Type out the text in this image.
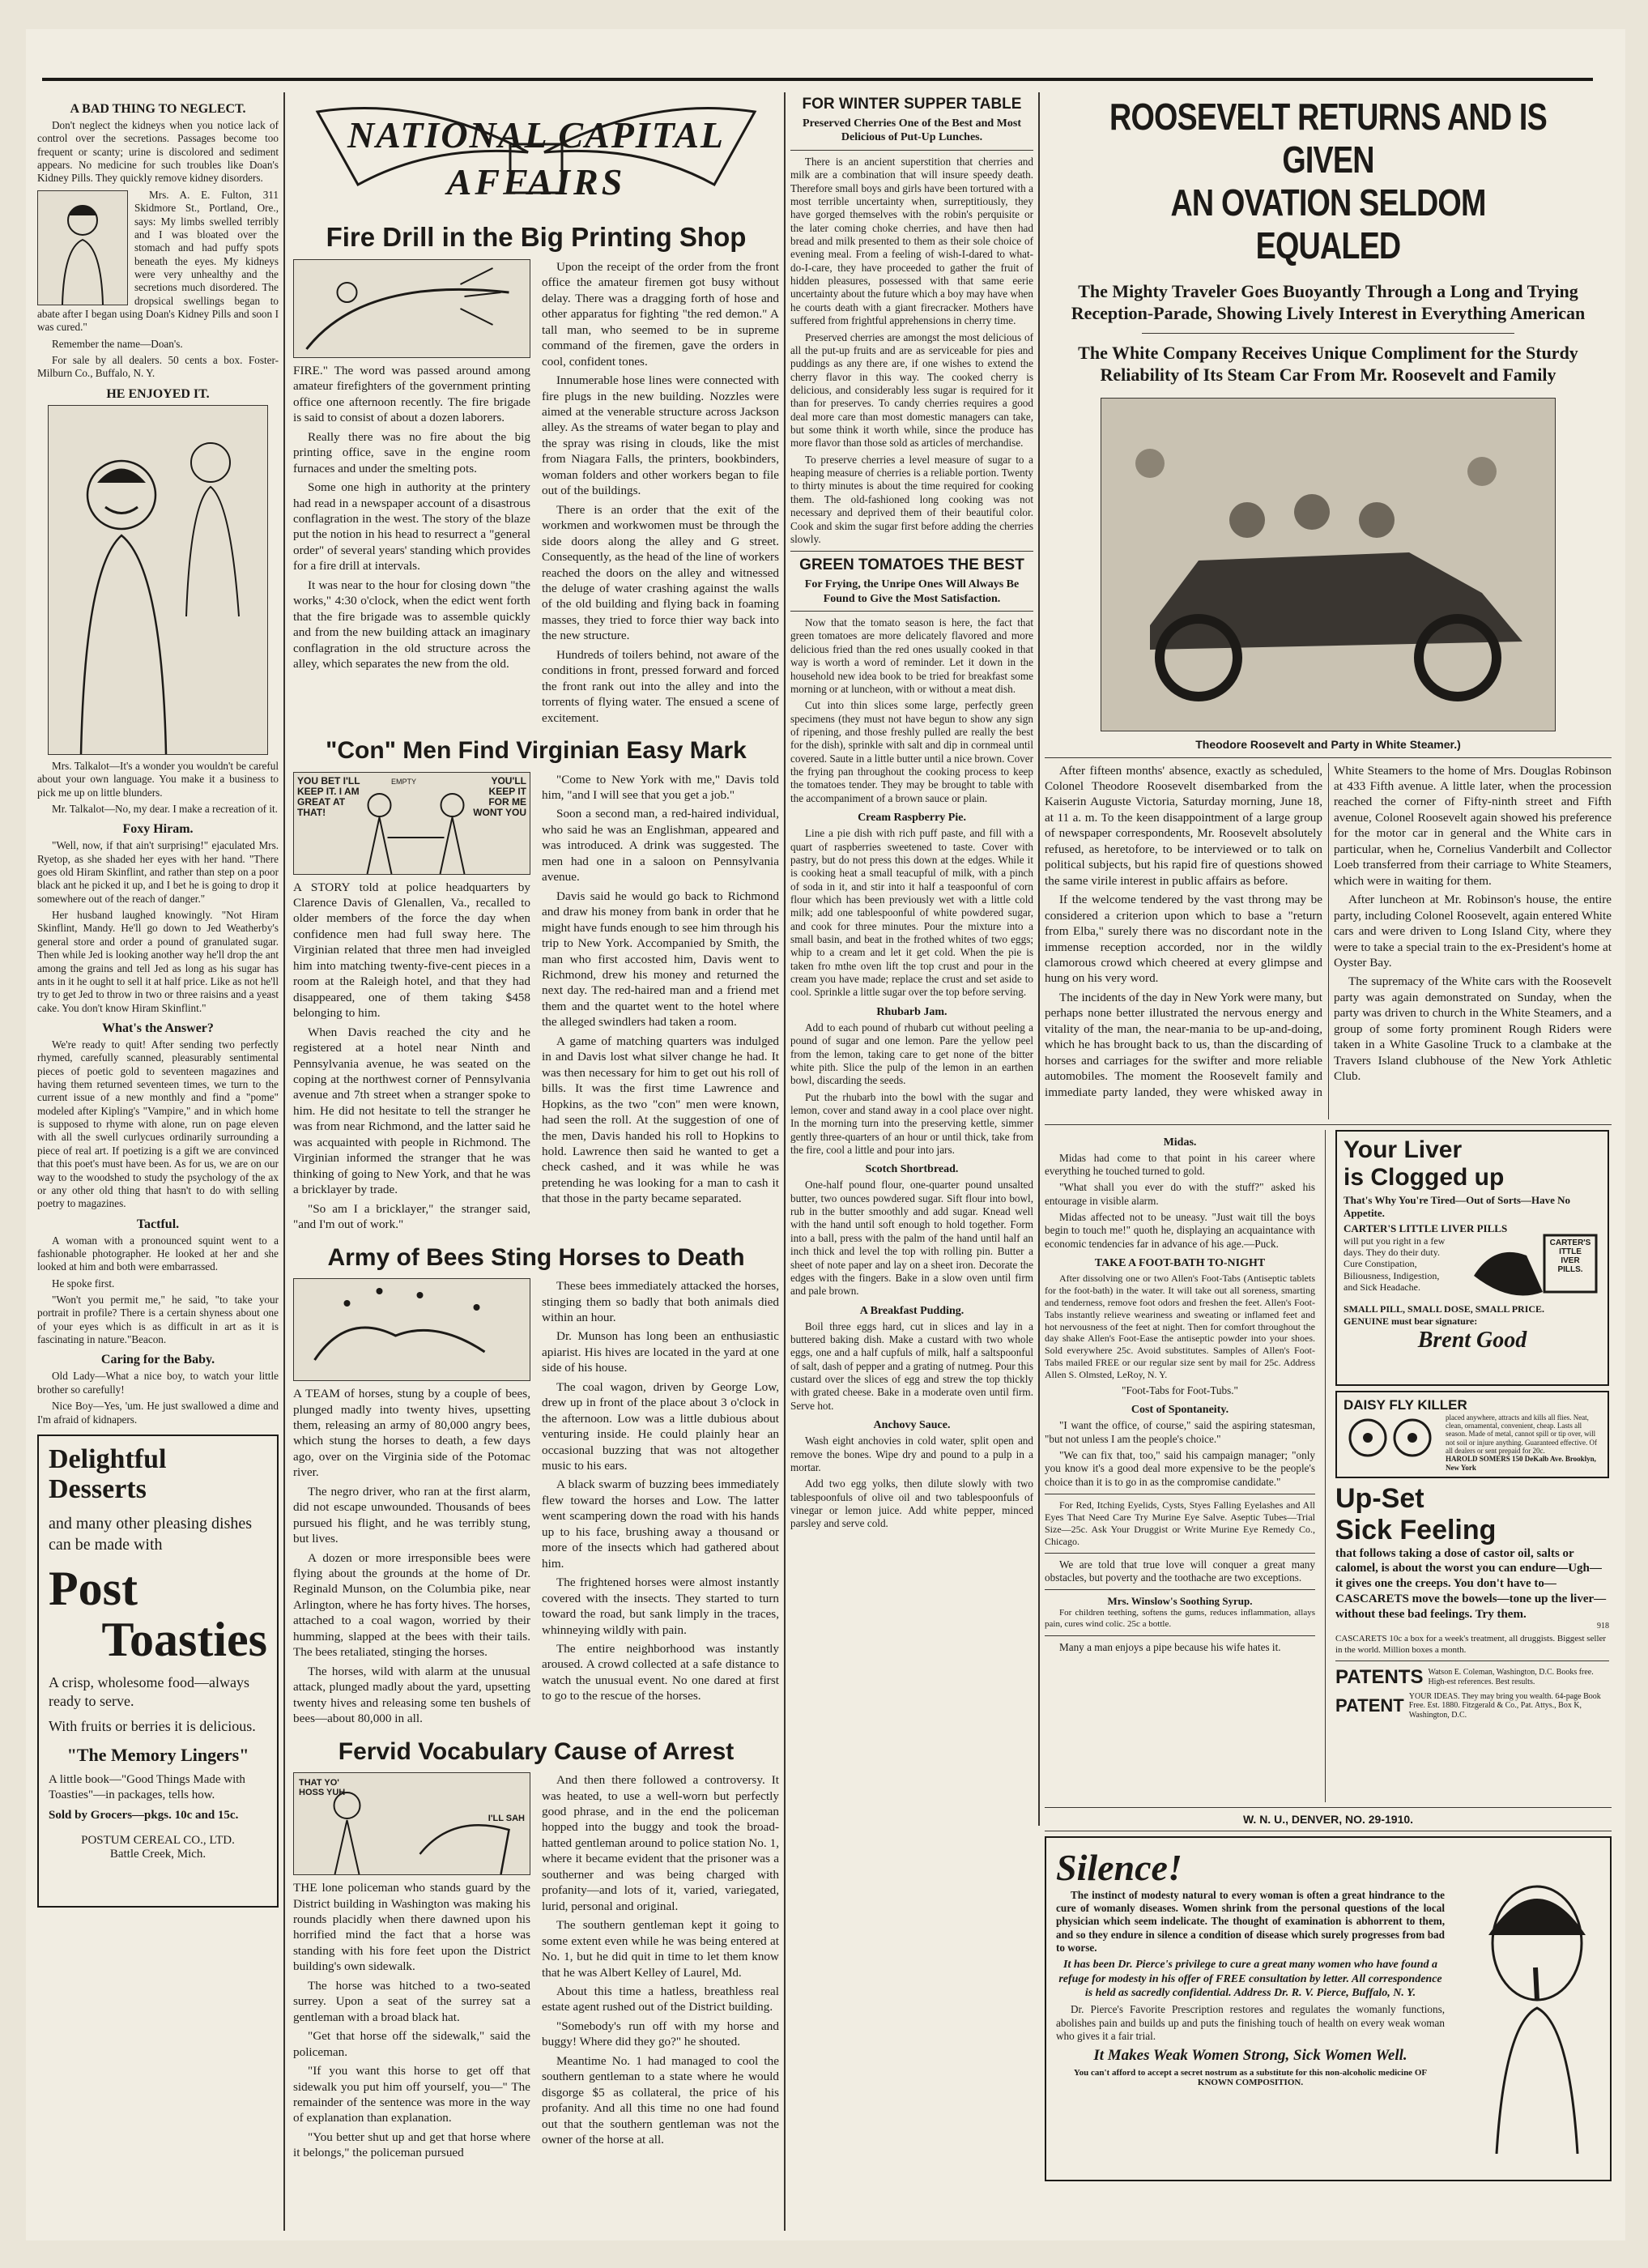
A BAD THING TO NEGLECT.

Don't neglect the kidneys when you notice lack of control over the secretions. Passages become too frequent or scanty; urine is discolored and sediment appears. No medicine for such troubles like Doan's Kidney Pills. They quickly remove kidney disorders.

Mrs. A. E. Fulton, 311 Skidmore St., Portland, Ore., says: My limbs swelled terribly and I was bloated over the stomach and had puffy spots beneath the eyes. My kidneys were very unhealthy and the secretions much disordered. The dropsical swellings began to abate after I began using Doan's Kidney Pills and soon I was cured."

Remember the name—Doan's.

For sale by all dealers. 50 cents a box. Foster-Milburn Co., Buffalo, N. Y.

HE ENJOYED IT.

Mrs. Talkalot—It's a wonder you wouldn't be careful about your own language. You make it a business to pick me up on little blunders.

Mr. Talkalot—No, my dear. I make a recreation of it.

Foxy Hiram.

"Well, now, if that ain't surprising!" ejaculated Mrs. Ryetop, as she shaded her eyes with her hand. "There goes old Hiram Skinflint, and rather than step on a poor black ant he picked it up, and I bet he is going to drop it somewhere out of the reach of danger."

Her husband laughed knowingly. "Not Hiram Skinflint, Mandy. He'll go down to Jed Weatherby's general store and order a pound of granulated sugar. Then while Jed is looking another way he'll drop the ant among the grains and tell Jed as long as his sugar has ants in it he ought to sell it at half price. Like as not he'll try to get Jed to throw in two or three raisins and a yeast cake. You don't know Hiram Skinflint."

What's the Answer?

We're ready to quit! After sending two perfectly rhymed, carefully scanned, pleasurably sentimental pieces of poetic gold to seventeen magazines and having them returned seventeen times, we turn to the current issue of a new monthly and find a "pome" modeled after Kipling's "Vampire," and in which home is supposed to rhyme with alone, run on page eleven with all the swell curlycues ordinarily surrounding a piece of real art. If poetizing is a gift we are convinced that this poet's must have been. As for us, we are on our way to the woodshed to study the psychology of the ax or any other old thing that hasn't to do with selling poetry to magazines.

Tactful.

A woman with a pronounced squint went to a fashionable photographer. He looked at her and she looked at him and both were embarrassed.

He spoke first.

"Won't you permit me," he said, "to take your portrait in profile? There is a certain shyness about one of your eyes which is as difficult in art as it is fascinating in nature."Beacon.

Caring for the Baby.

Old Lady—What a nice boy, to watch your little brother so carefully!

Nice Boy—Yes, 'um. He just swallowed a dime and I'm afraid of kidnapers.

Delightful Desserts
and many other pleasing dishes can be made with
Post
Toasties
A crisp, wholesome food—always ready to serve.
With fruits or berries it is delicious.
"The Memory Lingers"
A little book—"Good Things Made with Toasties"—in packages, tells how.
Sold by Grocers—pkgs. 10c and 15c.
POSTUM CEREAL CO., LTD.
Battle Creek, Mich.
NATIONAL CAPITAL
AFFAIRS
Fire Drill in the Big Printing Shop

FIRE." The word was passed around among amateur firefighters of the government printing office one afternoon recently. The fire brigade is said to consist of about a dozen laborers.

Really there was no fire about the big printing office, save in the engine room furnaces and under the smelting pots.

Some one high in authority at the printery had read in a newspaper account of a disastrous conflagration in the west. The story of the blaze put the notion in his head to resurrect a "general order" of several years' standing which provides for a fire drill at intervals.

It was near to the hour for closing down "the works," 4:30 o'clock, when the edict went forth that the fire brigade was to assemble quickly and from the new building attack an imaginary conflagration in the old structure across the alley, which separates the new from the old.

Upon the receipt of the order from the front office the amateur firemen got busy without delay. There was a dragging forth of hose and other apparatus for fighting "the red demon." A tall man, who seemed to be in supreme command of the firemen, gave the orders in cool, confident tones.

Innumerable hose lines were connected with fire plugs in the new building. Nozzles were aimed at the venerable structure across Jackson alley. As the streams of water began to play and the spray was rising in clouds, like the mist from Niagara Falls, the printers, bookbinders, woman folders and other workers began to file out of the buildings.

There is an order that the exit of the workmen and workwomen must be through the side doors along the alley and G street. Consequently, as the head of the line of workers reached the doors on the alley and witnessed the deluge of water crashing against the walls of the old building and flying back in foaming masses, they tried to force thier way back into the new structure.

Hundreds of toilers behind, not aware of the conditions in front, pressed forward and forced the front rank out into the alley and into the torrents of flying water. The ensued a scene of excitement.

"Con" Men Find Virginian Easy Mark
YOU BET I'LL KEEP IT. I AM GREAT AT THAT!
YOU'LL KEEP IT FOR ME WONT YOU
EMPTY

A STORY told at police headquarters by Clarence Davis of Glenallen, Va., recalled to older members of the force the day when confidence men had full sway here. The Virginian related that three men had inveigled him into matching twenty-five-cent pieces in a room at the Raleigh hotel, and that they had disappeared, one of them taking $458 belonging to him.

When Davis reached the city and he registered at a hotel near Ninth and Pennsylvania avenue, he was seated on the coping at the northwest corner of Pennsylvania avenue and 7th street when a stranger spoke to him. He did not hesitate to tell the stranger he was from near Richmond, and the latter said he was acquainted with people in Richmond. The Virginian informed the stranger that he was thinking of going to New York, and that he was a bricklayer by trade.

"So am I a bricklayer," the stranger said, "and I'm out of work."

"Come to New York with me," Davis told him, "and I will see that you get a job."

Soon a second man, a red-haired individual, who said he was an Englishman, appeared and was introduced. A drink was suggested. The men had one in a saloon on Pennsylvania avenue.

Davis said he would go back to Richmond and draw his money from bank in order that he might have funds enough to see him through his trip to New York. Accompanied by Smith, the man who first accosted him, Davis went to Richmond, drew his money and returned the next day. The red-haired man and a friend met them and the quartet went to the hotel where the alleged swindlers had taken a room.

A game of matching quarters was indulged in and Davis lost what silver change he had. It was then necessary for him to get out his roll of bills. It was the first time Lawrence and Hopkins, as the two "con" men were known, had seen the roll. At the suggestion of one of the men, Davis handed his roll to Hopkins to hold. Lawrence then said he wanted to get a check cashed, and it was while he was pretending he was looking for a man to cash it that those in the party became separated.

Army of Bees Sting Horses to Death

A TEAM of horses, stung by a couple of bees, plunged madly into twenty hives, upsetting them, releasing an army of 80,000 angry bees, which stung the horses to death, a few days ago, over on the Virginia side of the Potomac river.

The negro driver, who ran at the first alarm, did not escape unwounded. Thousands of bees pursued his flight, and he was terribly stung, but lives.

A dozen or more irresponsible bees were flying about the grounds at the home of Dr. Reginald Munson, on the Columbia pike, near Arlington, where he has forty hives. The horses, attached to a coal wagon, worried by their humming, slapped at the bees with their tails. The bees retaliated, stinging the horses.

The horses, wild with alarm at the unusual attack, plunged madly about the yard, upsetting twenty hives and releasing some ten bushels of bees—about 80,000 in all.

These bees immediately attacked the horses, stinging them so badly that both animals died within an hour.

Dr. Munson has long been an enthusiastic apiarist. His hives are located in the yard at one side of his house.

The coal wagon, driven by George Low, drew up in front of the place about 3 o'clock in the afternoon. Low was a little dubious about venturing inside. He could plainly hear an occasional buzzing that was not altogether music to his ears.

A black swarm of buzzing bees immediately flew toward the horses and Low. The latter went scampering down the road with his hands up to his face, brushing away a thousand or more of the insects which had gathered about him.

The frightened horses were almost instantly covered with the insects. They started to turn toward the road, but sank limply in the traces, whinneying wildly with pain.

The entire neighborhood was instantly aroused. A crowd collected at a safe distance to watch the unusual event. No one dared at first to go to the rescue of the horses.

Fervid Vocabulary Cause of Arrest
THAT YO' HOSS YUH
I'LL SAH

THE lone policeman who stands guard by the District building in Washington was making his rounds placidly when there dawned upon his horrified mind the fact that a horse was standing with his fore feet upon the District building's own sidewalk.

The horse was hitched to a two-seated surrey. Upon a seat of the surrey sat a gentleman with a broad black hat.

"Get that horse off the sidewalk," said the policeman.

"If you want this horse to get off that sidewalk you put him off yourself, you—" The remainder of the sentence was more in the way of explanation than explanation.

"You better shut up and get that horse where it belongs," the policeman pursued

And then there followed a controversy. It was heated, to use a well-worn but perfectly good phrase, and in the end the policeman hopped into the buggy and took the broad-hatted gentleman around to police station No. 1, where it became evident that the prisoner was a southerner and was being charged with profanity—and lots of it, varied, variegated, lurid, personal and original.

The southern gentleman kept it going to some extent even while he was being entered at No. 1, but he did quit in time to let them know that he was Albert Kelley of Laurel, Md.

About this time a hatless, breathless real estate agent rushed out of the District building.

"Somebody's run off with my horse and buggy! Where did they go?" he shouted.

Meantime No. 1 had managed to cool the southern gentleman to a state where he would disgorge $5 as collateral, the price of his profanity. And all this time no one had found out that the southern gentleman was not the owner of the horse at all.

FOR WINTER SUPPER TABLE
Preserved Cherries One of the Best and Most Delicious of Put-Up Lunches.

There is an ancient superstition that cherries and milk are a combination that will insure speedy death. Therefore small boys and girls have been tortured with a most terrible uncertainty when, surreptitiously, they have gorged themselves with the robin's perquisite or the later coming choke cherries, and have then had bread and milk presented to them as their sole choice of evening meal. From a feeling of wish-I-dared to what-do-I-care, they have proceeded to gather the fruit of hidden pleasures, possessed with that same eerie uncertainty about the future which a boy may have when he courts death with a giant firecracker. Mothers have suffered from frightful apprehensions in cherry time.

Preserved cherries are amongst the most delicious of all the put-up fruits and are as serviceable for pies and puddings as any there are, if one wishes to extend the cherry flavor in this way. The cooked cherry is delicious, and considerably less sugar is required for it than for preserves. To candy cherries requires a good deal more care than most domestic managers can take, but some think it worth while, since the produce has more flavor than those sold as articles of merchandise.

To preserve cherries a level measure of sugar to a heaping measure of cherries is a reliable portion. Twenty to thirty minutes is about the time required for cooking them. The old-fashioned long cooking was not necessary and deprived them of their beautiful color. Cook and skim the sugar first before adding the cherries slowly.

GREEN TOMATOES THE BEST
For Frying, the Unripe Ones Will Always Be Found to Give the Most Satisfaction.

Now that the tomato season is here, the fact that green tomatoes are more delicately flavored and more delicious fried than the red ones usually cooked in that way is worth a word of reminder. Let it down in the household new idea book to be tried for breakfast some morning or at luncheon, with or without a meat dish.

Cut into thin slices some large, perfectly green specimens (they must not have begun to show any sign of ripening, and those freshly pulled are really the best for the dish), sprinkle with salt and dip in cornmeal until covered. Saute in a little butter until a nice brown. Cover the frying pan throughout the cooking process to keep the tomatoes tender. They may be brought to table with the accompaniment of a brown sauce or plain.

Cream Raspberry Pie.

Line a pie dish with rich puff paste, and fill with a quart of raspberries sweetened to taste. Cover with pastry, but do not press this down at the edges. While it is cooking heat a small teacupful of milk, with a pinch of soda in it, and stir into it half a teaspoonful of corn flour which has been previously wet with a little cold milk; add one tablespoonful of white powdered sugar, and cook for three minutes. Pour the mixture into a small basin, and beat in the frothed whites of two eggs; whip to a cream and let it get cold. When the pie is taken fro mthe oven lift the top crust and pour in the cream you have made; replace the crust and set aside to cool. Sprinkle a little sugar over the top before serving.

Rhubarb Jam.

Add to each pound of rhubarb cut without peeling a pound of sugar and one lemon. Pare the yellow peel from the lemon, taking care to get none of the bitter white pith. Slice the pulp of the lemon in an earthen bowl, discarding the seeds.

Put the rhubarb into the bowl with the sugar and lemon, cover and stand away in a cool place over night. In the morning turn into the preserving kettle, simmer gently three-quarters of an hour or until thick, take from the fire, cool a little and pour into jars.

Scotch Shortbread.

One-half pound flour, one-quarter pound unsalted butter, two ounces powdered sugar. Sift flour into bowl, rub in the butter smoothly and add sugar. Knead well with the hand until soft enough to hold together. Form into a ball, press with the palm of the hand until half an inch thick and level the top with rolling pin. Butter a sheet of note paper and lay on a sheet iron. Decorate the edges with the fingers. Bake in a slow oven until firm and pale brown.

A Breakfast Pudding.

Boil three eggs hard, cut in slices and lay in a buttered baking dish. Make a custard with two whole eggs, one and a half cupfuls of milk, half a saltspoonful of salt, dash of pepper and a grating of nutmeg. Pour this custard over the slices of egg and strew the top thickly with grated cheese. Bake in a moderate oven until firm. Serve hot.

Anchovy Sauce.

Wash eight anchovies in cold water, split open and remove the bones. Wipe dry and pound to a pulp in a mortar.

Add two egg yolks, then dilute slowly with two tablespoonfuls of olive oil and two tablespoonfuls of vinegar or lemon juice. Add white pepper, minced parsley and serve cold.

ROOSEVELT RETURNS AND IS GIVEN
AN OVATION SELDOM EQUALED
The Mighty Traveler Goes Buoyantly Through a Long and Trying Reception-Parade, Showing Lively Interest in Everything American
The White Company Receives Unique Compliment for the Sturdy Reliability of Its Steam Car From Mr. Roosevelt and Family
Theodore Roosevelt and Party in White Steamer.)

After fifteen months' absence, exactly as scheduled, Colonel Theodore Roosevelt disembarked from the Kaiserin Auguste Victoria, Saturday morning, June 18, at 11 a. m. To the keen disappointment of a large group of newspaper correspondents, Mr. Roosevelt absolutely refused, as heretofore, to be interviewed or to talk on political subjects, but his rapid fire of questions showed the same virile interest in public affairs as before.

If the welcome tendered by the vast throng may be considered a criterion upon which to base a "return from Elba," surely there was no discordant note in the immense reception accorded, nor in the wildly clamorous crowd which cheered at every glimpse and hung on his very word.

The incidents of the day in New York were many, but perhaps none better illustrated the nervous energy and vitality of the man, the near-mania to be up-and-doing, which he has brought back to us, than the discarding of horses and carriages for the swifter and more reliable automobiles. The moment the Roosevelt family and immediate party landed, they were whisked away in White Steamers to the home of Mrs. Douglas Robinson at 433 Fifth avenue. A little later, when the procession reached the corner of Fifty-ninth street and Fifth avenue, Colonel Roosevelt again showed his preference for the motor car in general and the White cars in particular, when he, Cornelius Vanderbilt and Collector Loeb transferred from their carriage to White Steamers, which were in waiting for them.

After luncheon at Mr. Robinson's house, the entire party, including Colonel Roosevelt, again entered White cars and were driven to Long Island City, where they were to take a special train to the ex-President's home at Oyster Bay.

The supremacy of the White cars with the Roosevelt party was again demonstrated on Sunday, when the party was driven to church in the White Steamers, and a group of some forty prominent Rough Riders were taken in a White Gasoline Truck to a clambake at the Travers Island clubhouse of the New York Athletic Club.

Midas.

Midas had come to that point in his career where everything he touched turned to gold.

"What shall you ever do with the stuff?" asked his entourage in visible alarm.

Midas affected not to be uneasy. "Just wait till the boys begin to touch me!" quoth he, displaying an acquaintance with economic tendencies far in advance of his age.—Puck.

TAKE A FOOT-BATH TO-NIGHT

After dissolving one or two Allen's Foot-Tabs (Antiseptic tablets for the foot-bath) in the water. It will take out all soreness, smarting and tenderness, remove foot odors and freshen the feet. Allen's Foot-Tabs instantly relieve weariness and sweating or inflamed feet and hot nervousness of the feet at night. Then for comfort throughout the day shake Allen's Foot-Ease the antiseptic powder into your shoes. Sold everywhere 25c. Avoid substitutes. Samples of Allen's Foot-Tabs mailed FREE or our regular size sent by mail for 25c. Address Allen S. Olmsted, LeRoy, N. Y.

"Foot-Tabs for Foot-Tubs."

Cost of Spontaneity.

"I want the office, of course," said the aspiring statesman, "but not unless I am the people's choice."

"We can fix that, too," said his campaign manager; "only you know it's a good deal more expensive to be the people's choice than it is to go in as the compromise candidate."

For Red, Itching Eyelids, Cysts, Styes Falling Eyelashes and All Eyes That Need Care Try Murine Eye Salve. Aseptic Tubes—Trial Size—25c. Ask Your Druggist or Write Murine Eye Remedy Co., Chicago.

We are told that true love will conquer a great many obstacles, but poverty and the toothache are two exceptions.

Mrs. Winslow's Soothing Syrup.

For children teething, softens the gums, reduces inflammation, allays pain, cures wind colic. 25c a bottle.

Many a man enjoys a pipe because his wife hates it.

Your Liver
is Clogged up
That's Why You're Tired—Out of Sorts—Have No Appetite.
CARTER'S LITTLE LIVER PILLS
will put you right in a few days. They do their duty. Cure Constipation, Biliousness, Indigestion, and Sick Headache.
CARTER'S
ITTLE
IVER
PILLS.
SMALL PILL, SMALL DOSE, SMALL PRICE.
GENUINE must bear signature:
Brent Good
DAISY FLY KILLER
placed anywhere, attracts and kills all flies. Neat, clean, ornamental, convenient, cheap. Lasts all season. Made of metal, cannot spill or tip over, will not soil or injure anything. Guaranteed effective. Of all dealers or sent prepaid for 20c.
HAROLD SOMERS 150 DeKalb Ave. Brooklyn, New York
Up-Set
Sick Feeling
that follows taking a dose of castor oil, salts or calomel, is about the worst you can endure—Ugh—it gives one the creeps. You don't have to—CASCARETS move the bowels—tone up the liver—without these bad feelings. Try them.
918
CASCARETS 10c a box for a week's treatment, all druggists. Biggest seller in the world. Million boxes a month.
PATENTS Watson E. Coleman, Washington, D.C. Books free. High-est references. Best results.
PATENT YOUR IDEAS. They may bring you wealth. 64-page Book Free. Est. 1880. Fitzgerald & Co., Pat. Attys., Box K, Washington, D.C.
W. N. U., DENVER, NO. 29-1910.
Silence!

The instinct of modesty natural to every woman is often a great hindrance to the cure of womanly diseases. Women shrink from the personal questions of the local physician which seem indelicate. The thought of examination is abhorrent to them, and so they endure in silence a condition of disease which surely progresses from bad to worse.

It has been Dr. Pierce's privilege to cure a great many women who have found a refuge for modesty in his offer of FREE consultation by letter. All correspondence is held as sacredly confidential. Address Dr. R. V. Pierce, Buffalo, N. Y.

Dr. Pierce's Favorite Prescription restores and regulates the womanly functions, abolishes pain and builds up and puts the finishing touch of health on every weak woman who gives it a fair trial.

It Makes Weak Women Strong, Sick Women Well.
You can't afford to accept a secret nostrum as a substitute for this non-alcoholic medicine OF KNOWN COMPOSITION.
